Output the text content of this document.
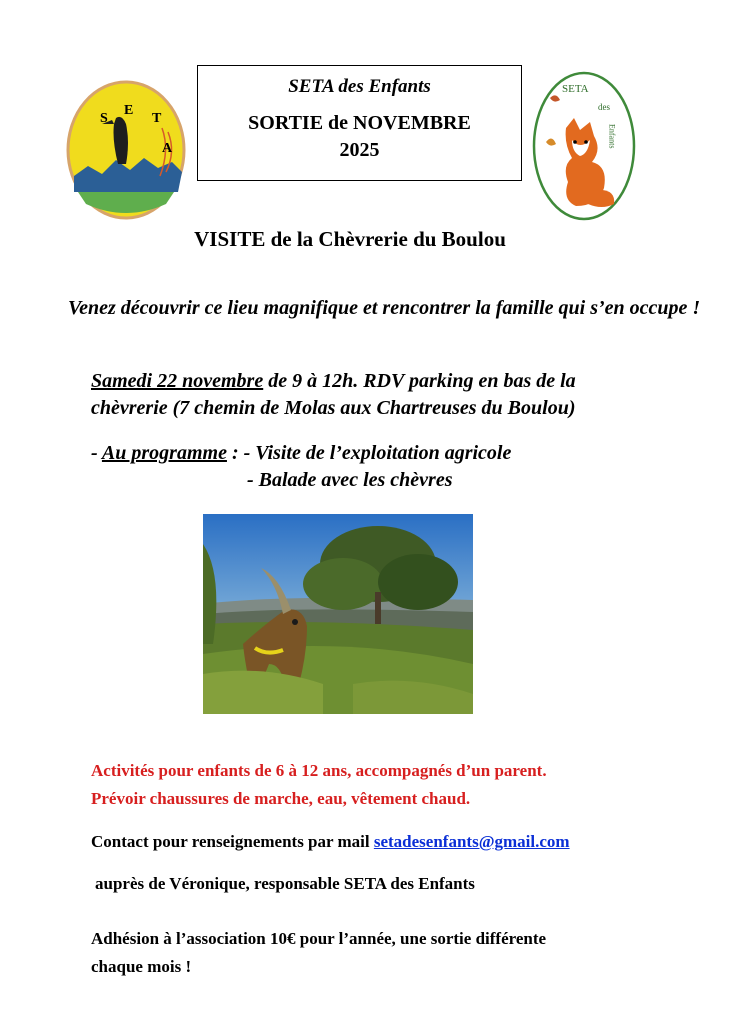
S
E
T
A
SETA des Enfants
SORTIE de NOVEMBRE
2025
SETA
des
Enfants
VISITE de la Chèvrerie du Boulou
Venez découvrir ce lieu magnifique et rencontrer la famille qui s’en occupe !
Samedi 22 novembre de 9 à 12h. RDV parking en bas de la
chèvrerie (7 chemin de Molas aux Chartreuses du Boulou)
- Au programme : - Visite de l’exploitation agricole
- Balade avec les chèvres
Activités pour enfants de 6 à 12 ans, accompagnés d’un parent.
Prévoir chaussures de marche, eau, vêtement chaud.
Contact pour renseignements par mail setadesenfants@gmail.com
auprès de Véronique, responsable SETA des Enfants
Adhésion à l’association 10€ pour l’année, une sortie différente
chaque mois !
